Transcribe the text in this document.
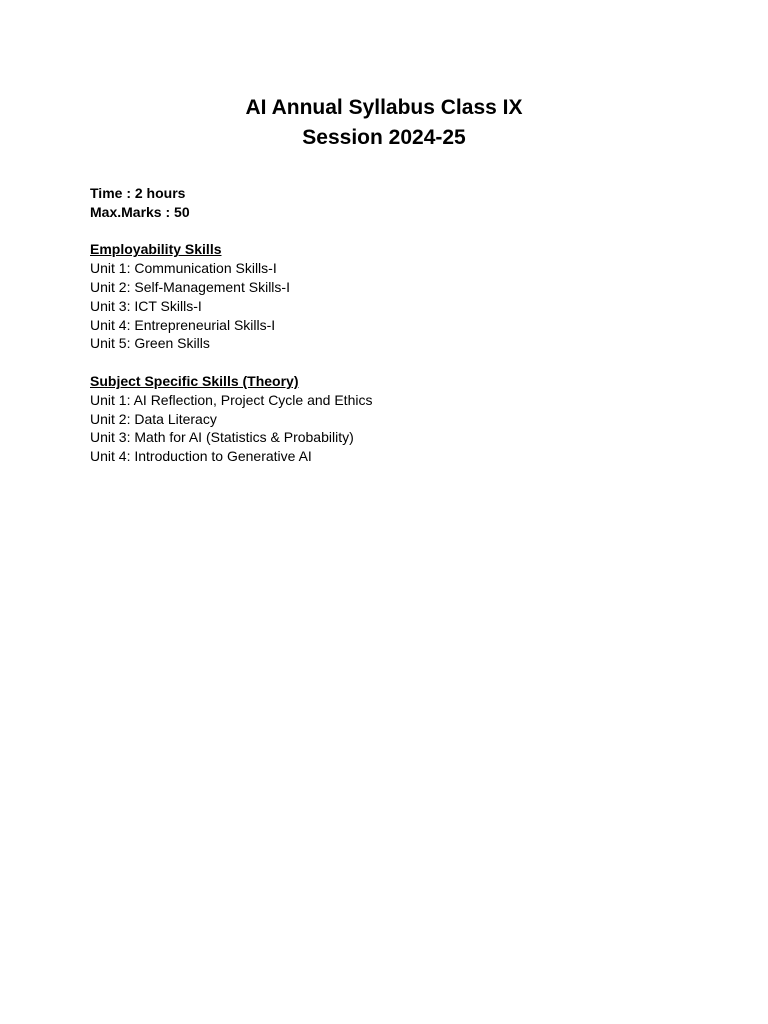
AI Annual Syllabus Class IX

Session 2024-25

Time : 2 hours

Max.Marks : 50

Employability Skills

Unit 1: Communication Skills-I
Unit 2: Self-Management Skills-I
Unit 3: ICT Skills-I
Unit 4: Entrepreneurial Skills-I
Unit 5: Green Skills

Subject Specific Skills (Theory)

Unit 1: AI Reflection, Project Cycle and Ethics
Unit 2: Data Literacy
Unit 3: Math for AI (Statistics & Probability)
Unit 4: Introduction to Generative AI
